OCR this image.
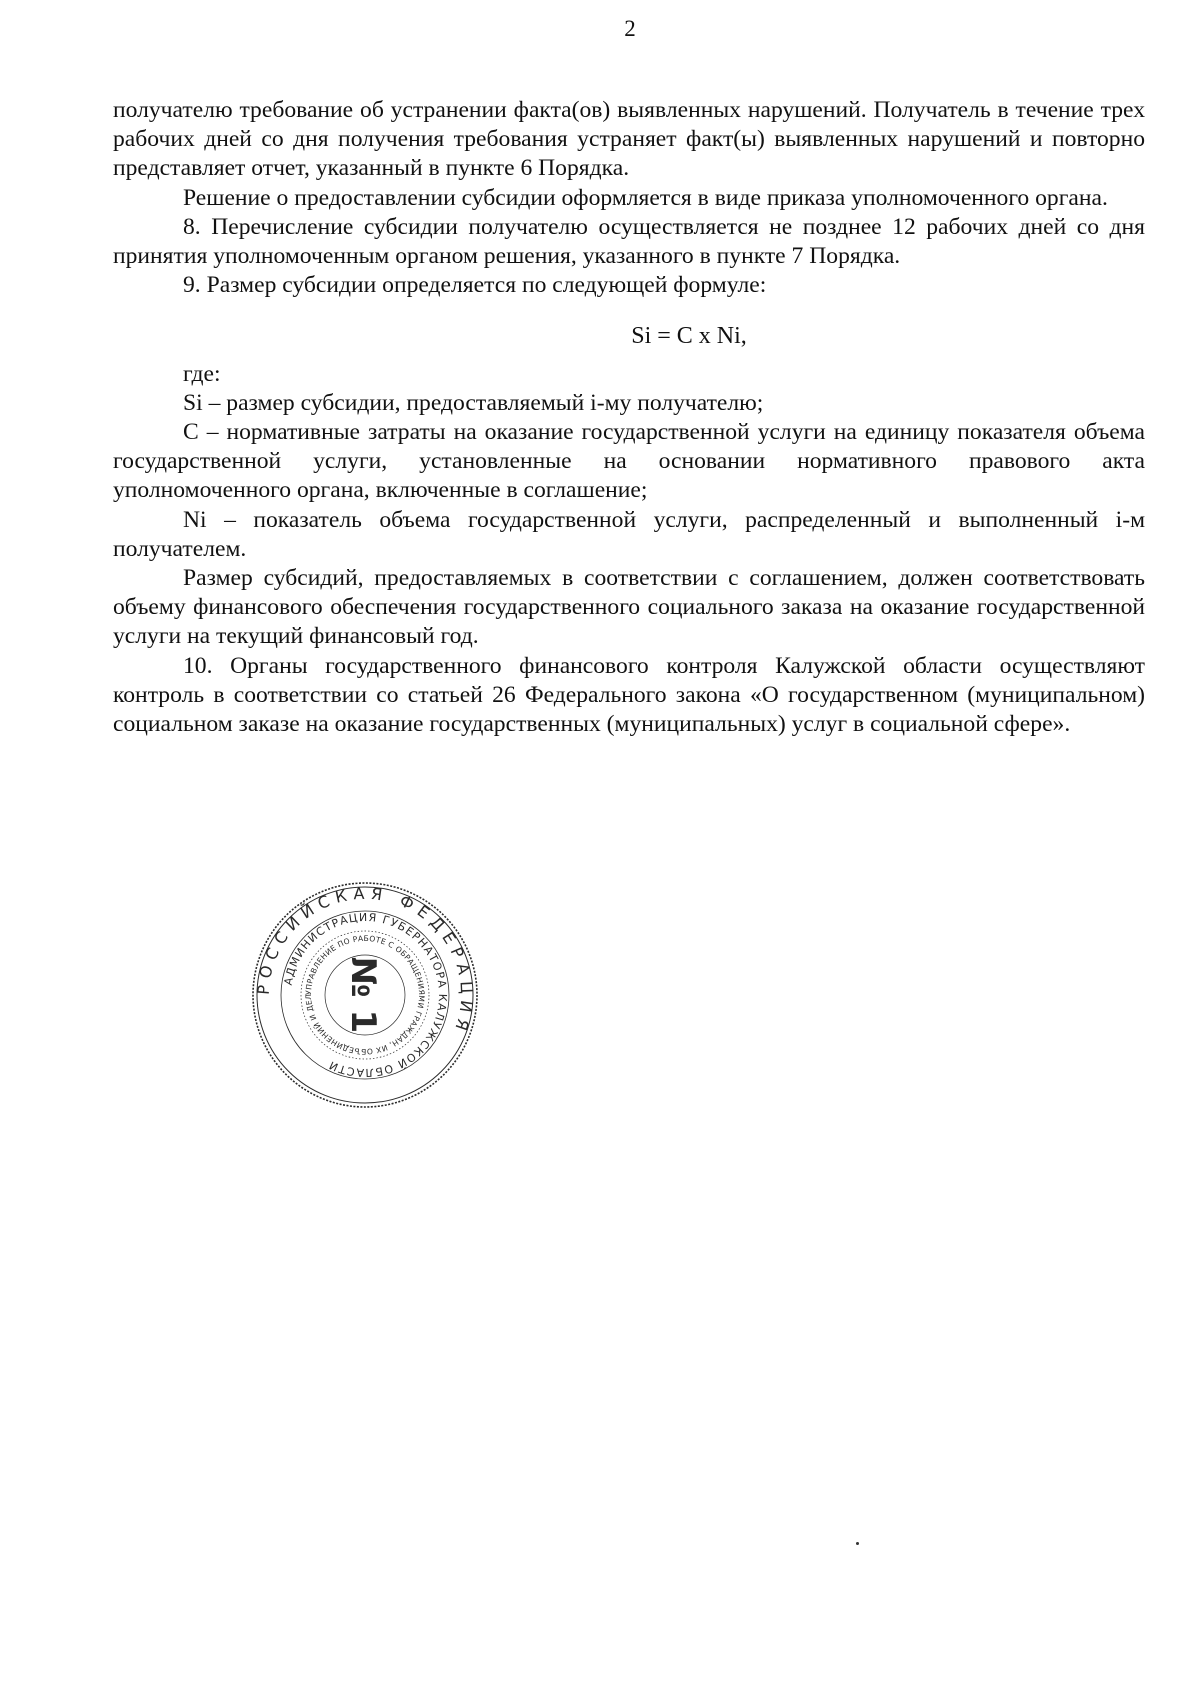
2

получателю требование об устранении факта(ов) выявленных нарушений. Получатель в течение трех рабочих дней со дня получения требования устраняет факт(ы) выявленных нарушений и повторно представляет отчет, указанный в пункте 6 Порядка.

Решение о предоставлении субсидии оформляется в виде приказа уполномоченного органа.

8. Перечисление субсидии получателю осуществляется не позднее 12 рабочих дней со дня принятия уполномоченным органом решения, указанного в пункте 7 Порядка.

9. Размер субсидии определяется по следующей формуле:

Si = C x Ni,

где:

Si – размер субсидии, предоставляемый i-му получателю;

C – нормативные затраты на оказание государственной услуги на единицу показателя объема государственной услуги, установленные на основании нормативного правового акта уполномоченного органа, включенные в соглашение;

Ni – показатель объема государственной услуги, распределенный и выполненный i-м получателем.

Размер субсидий, предоставляемых в соответствии с соглашением, должен соответствовать объему финансового обеспечения государственного социального заказа на оказание государственной услуги на текущий финансовый год.

10. Органы государственного финансового контроля Калужской области осуществляют контроль в соответствии со статьей 26 Федерального закона «О государственном (муниципальном) социальном заказе на оказание государственных (муниципальных) услуг в социальной сфере».

РОССИЙСКАЯ ФЕДЕРАЦИЯ
АДМИНИСТРАЦИЯ ГУБЕРНАТОРА КАЛУЖСКОЙ ОБЛАСТИ
УПРАВЛЕНИЕ ПО РАБОТЕ С ОБРАЩЕНИЯМИ ГРАЖДАН, ИХ ОБЪЕДИНЕНИЙ И ДЕЛ № 1
